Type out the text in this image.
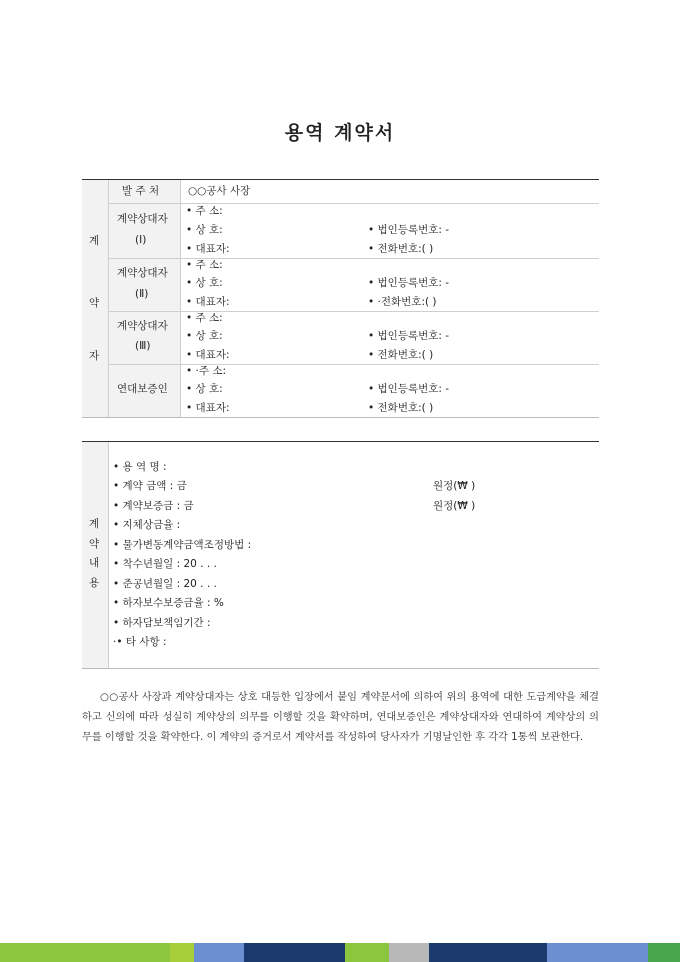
용역 계약서
계
약
자
발 주 처	○○공사 사장
계약상대자
(Ⅰ)
• 주 소:
• 상 호:
• 대표자:
• 법인등록번호: -
• 전화번호:( )
계약상대자
(Ⅱ)
• 주 소:
• 상 호:
• 대표자:
• 법인등록번호: -
• ·전화번호:( )
계약상대자
(Ⅲ)
• 주 소:
• 상 호:
• 대표자:
• 법인등록번호: -
• 전화번호:( )
연대보증인
• ·주 소:
• 상 호:
• 대표자:
• 법인등록번호: -
• 전화번호:( )
계
약
내
용
• 용 역 명 :
• 계약 금액 : 금
• 계약보증금 : 금
• 지체상금율 :
• 물가변동계약금액조정방법 :
• 착수년월일 : 20 . . .
• 준공년월일 : 20 . . .
• 하자보수보증금율 : %
• 하자담보책임기간 :
·• 타 사항 :
원정(₩ )
원정(₩ )
○○공사 사장과 계약상대자는 상호 대등한 입장에서 붙임 계약문서에 의하여 위의 용역에 대한 도급계약을 체결하고 신의에 따라 성실히 계약상의 의무를 이행할 것을 확약하며, 연대보증인은 계약상대자와 연대하여 계약상의 의무를 이행할 것을 확약한다. 이 계약의 증거로서 계약서를 작성하여 당사자가 기명날인한 후 각각 1통씩 보관한다.
